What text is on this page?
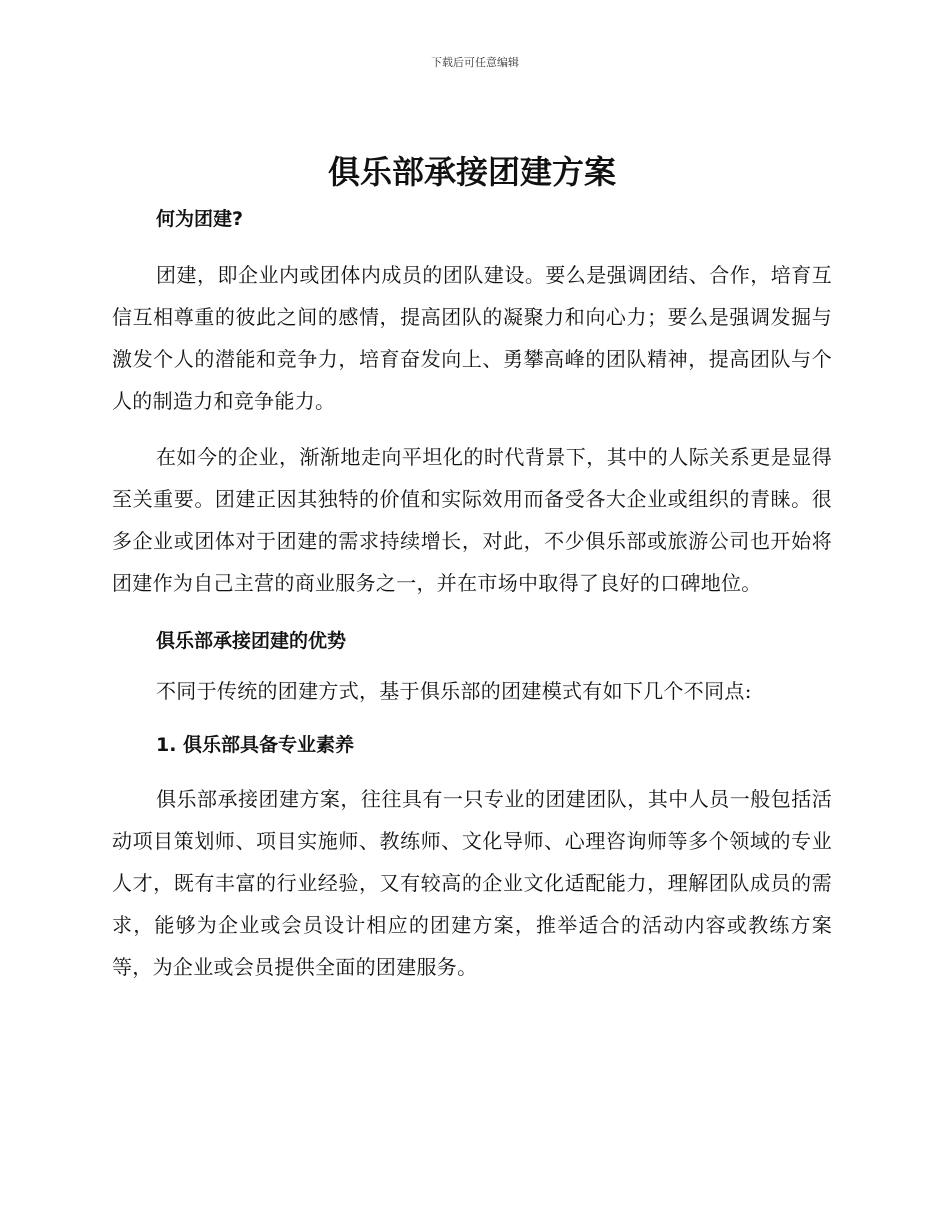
下载后可任意编辑
俱乐部承接团建方案
何为团建?

团建，即企业内或团体内成员的团队建设。要么是强调团结、合作，培育互信互相尊重的彼此之间的感情，提高团队的凝聚力和向心力；要么是强调发掘与激发个人的潜能和竞争力，培育奋发向上、勇攀高峰的团队精神，提高团队与个人的制造力和竞争能力。

在如今的企业，渐渐地走向平坦化的时代背景下，其中的人际关系更是显得至关重要。团建正因其独特的价值和实际效用而备受各大企业或组织的青睐。很多企业或团体对于团建的需求持续增长，对此，不少俱乐部或旅游公司也开始将团建作为自己主营的商业服务之一，并在市场中取得了良好的口碑地位。

俱乐部承接团建的优势

不同于传统的团建方式，基于俱乐部的团建模式有如下几个不同点:

1. 俱乐部具备专业素养

俱乐部承接团建方案，往往具有一只专业的团建团队，其中人员一般包括活动项目策划师、项目实施师、教练师、文化导师、心理咨询师等多个领域的专业人才，既有丰富的行业经验，又有较高的企业文化适配能力，理解团队成员的需求，能够为企业或会员设计相应的团建方案，推举适合的活动内容或教练方案等，为企业或会员提供全面的团建服务。
